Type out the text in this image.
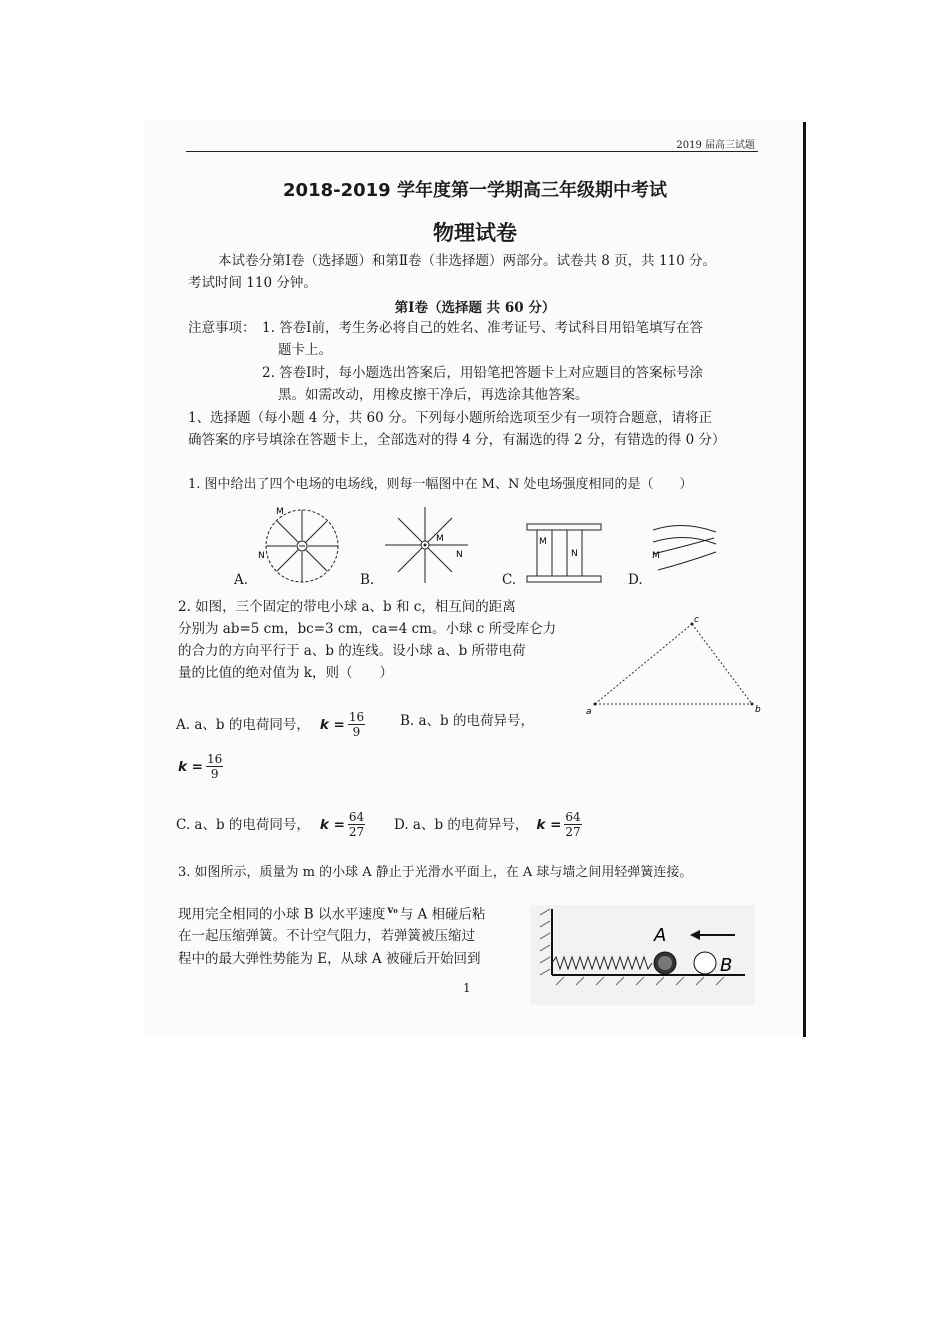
2019 届高三试题
2018-2019 学年度第一学期高三年级期中考试
物理试卷
本试卷分第Ⅰ卷（选择题）和第Ⅱ卷（非选择题）两部分。试卷共 8 页，共 110 分。
考试时间 110 分钟。
第Ⅰ卷（选择题 共 60 分）
注意事项： 1. 答卷Ⅰ前，考生务必将自己的姓名、准考证号、考试科目用铅笔填写在答
题卡上。
2. 答卷Ⅰ时，每小题选出答案后，用铅笔把答题卡上对应题目的答案标号涂
黑。如需改动，用橡皮擦干净后，再选涂其他答案。
1、选择题（每小题 4 分，共 60 分。下列每小题所给选项至少有一项符合题意，请将正
确答案的序号填涂在答题卡上，全部选对的得 4 分，有漏选的得 2 分，有错选的得 0 分）
1. 图中给出了四个电场的电场线，则每一幅图中在 M、N 处电场强度相同的是（　　）
M
N
M
N
M
N	M
A.	B.	C.	D.
2. 如图，三个固定的带电小球 a、b 和 c，相互间的距离
分别为 ab=5 cm，bc=3 cm，ca=4 cm。小球 c 所受库仑力
的合力的方向平行于 a、b 的连线。设小球 a、b 所带电荷
量的比值的绝对值为 k，则（　　）
a	b
c
A. a、b 的电荷同号， $k = \frac{16}{9}$	B. a、b 的电荷异号，
$k = \frac{16}{9}$
C. a、b 的电荷同号， $k = \frac{64}{27} D$. a、b 的电荷异号， $k = \frac{64}{27}$
3. 如图所示，质量为 m 的小球 A 静止于光滑水平面上，在 A 球与墙之间用轻弹簧连接。
现用完全相同的小球 B 以水平速度 $^{v_0}$ 与 A 相碰后粘
在一起压缩弹簧。不计空气阻力，若弹簧被压缩过
程中的最大弹性势能为 E，从球 A 被碰后开始回到
A
B
1
